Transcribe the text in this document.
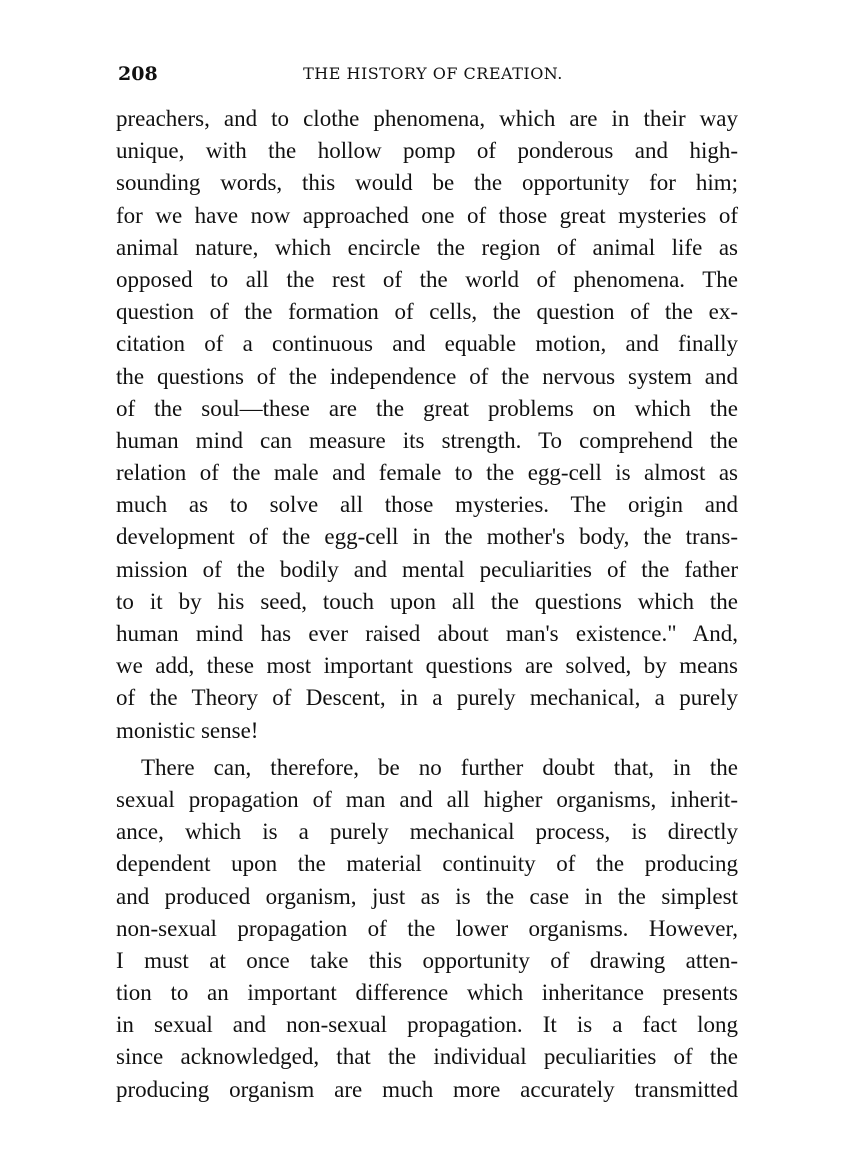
208	THE HISTORY OF CREATION.
preachers, and to clothe phenomena, which are in their way
unique, with the hollow pomp of ponderous and high-
sounding words, this would be the opportunity for him;
for we have now approached one of those great mysteries of
animal nature, which encircle the region of animal life as
opposed to all the rest of the world of phenomena. The
question of the formation of cells, the question of the ex-
citation of a continuous and equable motion, and finally
the questions of the independence of the nervous system and
of the soul—these are the great problems on which the
human mind can measure its strength. To comprehend the
relation of the male and female to the egg-cell is almost as
much as to solve all those mysteries. The origin and
development of the egg-cell in the mother's body, the trans-
mission of the bodily and mental peculiarities of the father
to it by his seed, touch upon all the questions which the
human mind has ever raised about man's existence." And,
we add, these most important questions are solved, by means
of the Theory of Descent, in a purely mechanical, a purely
monistic sense!
There can, therefore, be no further doubt that, in the
sexual propagation of man and all higher organisms, inherit-
ance, which is a purely mechanical process, is directly
dependent upon the material continuity of the producing
and produced organism, just as is the case in the simplest
non-sexual propagation of the lower organisms. However,
I must at once take this opportunity of drawing atten-
tion to an important difference which inheritance presents
in sexual and non-sexual propagation. It is a fact long
since acknowledged, that the individual peculiarities of the
producing organism are much more accurately transmitted
